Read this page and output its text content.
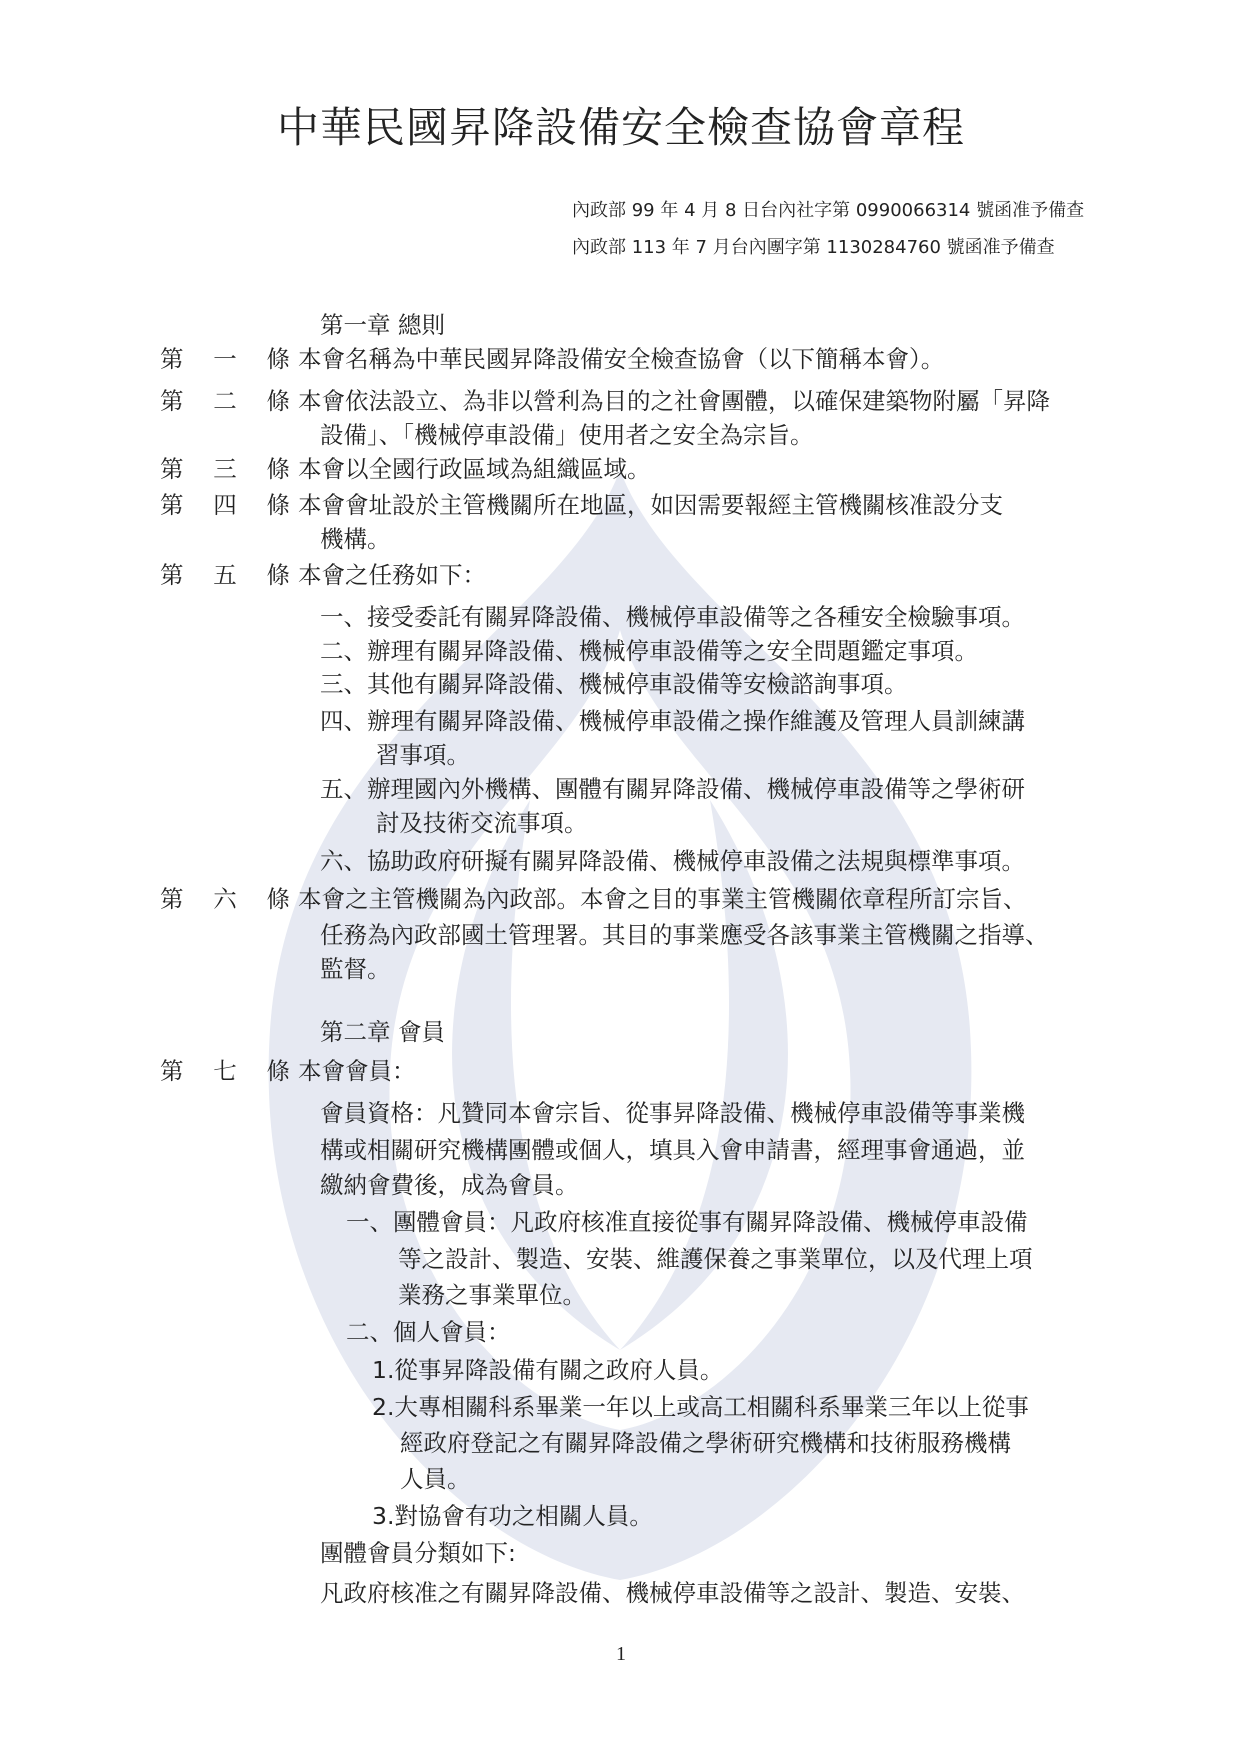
中華民國昇降設備安全檢查協會章程
內政部 99 年 4 月 8 日台內社字第 0990066314 號函准予備查
內政部 113 年 7 月台內團字第 1130284760 號函准予備查
第一章 總則
第 一 條 本會名稱為中華民國昇降設備安全檢查協會（以下簡稱本會）。
第 二 條 本會依法設立、為非以營利為目的之社會團體，以確保建築物附屬「昇降
設備」、「機械停車設備」使用者之安全為宗旨。
第 三 條 本會以全國行政區域為組織區域。
第 四 條 本會會址設於主管機關所在地區，如因需要報經主管機關核准設分支
機構。
第 五 條 本會之任務如下：
一、接受委託有關昇降設備、機械停車設備等之各種安全檢驗事項。
二、辦理有關昇降設備、機械停車設備等之安全問題鑑定事項。
三、其他有關昇降設備、機械停車設備等安檢諮詢事項。
四、辦理有關昇降設備、機械停車設備之操作維護及管理人員訓練講
習事項。
五、辦理國內外機構、團體有關昇降設備、機械停車設備等之學術研
討及技術交流事項。
六、協助政府研擬有關昇降設備、機械停車設備之法規與標準事項。
第 六 條 本會之主管機關為內政部。本會之目的事業主管機關依章程所訂宗旨、
任務為內政部國土管理署。其目的事業應受各該事業主管機關之指導、
監督。
第二章 會員
第 七 條 本會會員：
會員資格：凡贊同本會宗旨、從事昇降設備、機械停車設備等事業機
構或相關研究機構團體或個人，填具入會申請書，經理事會通過，並
繳納會費後，成為會員。
一、團體會員：凡政府核准直接從事有關昇降設備、機械停車設備
等之設計、製造、安裝、維護保養之事業單位，以及代理上項
業務之事業單位。
二、個人會員：
1.從事昇降設備有關之政府人員。
2.大專相關科系畢業一年以上或高工相關科系畢業三年以上從事
經政府登記之有關昇降設備之學術研究機構和技術服務機構
人員。
3.對協會有功之相關人員。
團體會員分類如下:
凡政府核准之有關昇降設備、機械停車設備等之設計、製造、安裝、
1
